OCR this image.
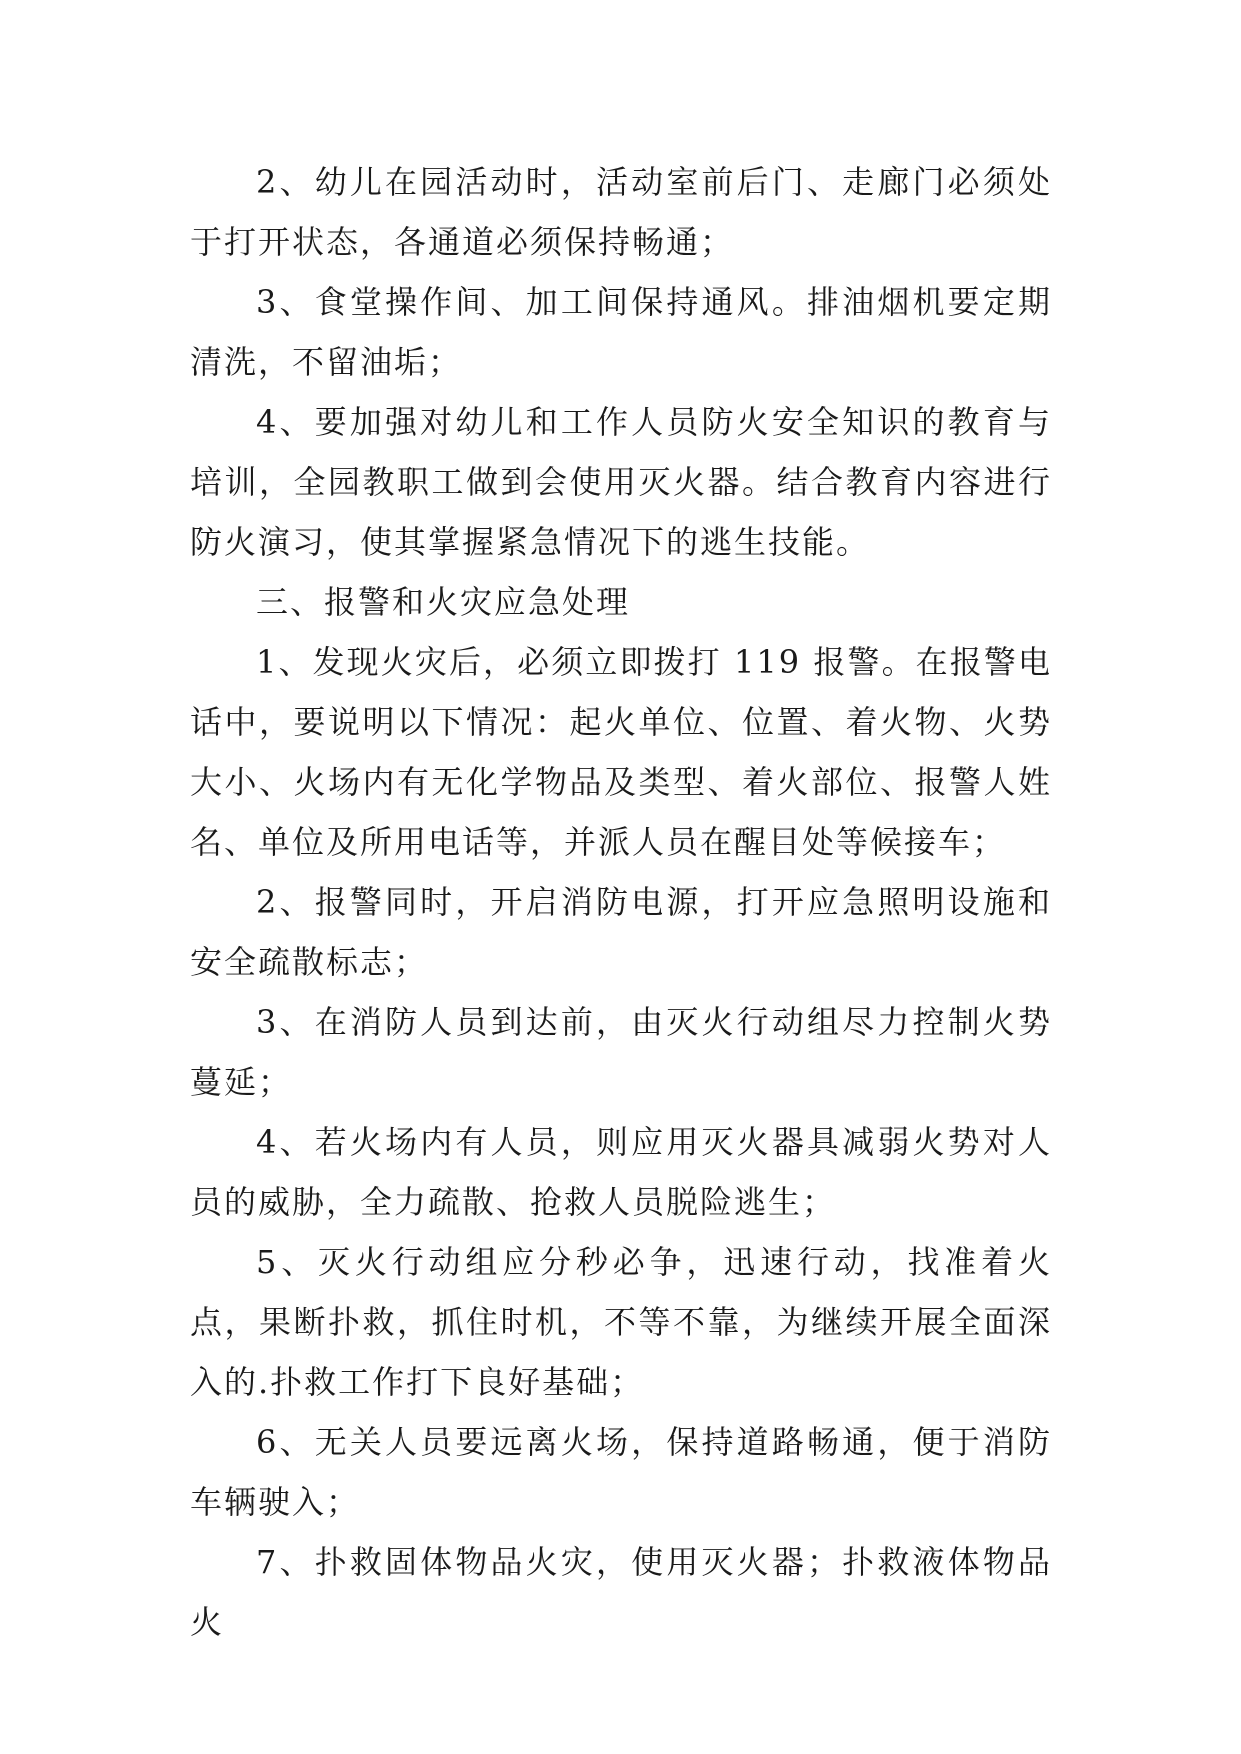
2、幼儿在园活动时，活动室前后门、走廊门必须处于打开状态，各通道必须保持畅通；

3、食堂操作间、加工间保持通风。排油烟机要定期清洗，不留油垢；

4、要加强对幼儿和工作人员防火安全知识的教育与培训，全园教职工做到会使用灭火器。结合教育内容进行防火演习，使其掌握紧急情况下的逃生技能。

三、报警和火灾应急处理

1、发现火灾后，必须立即拨打 119 报警。在报警电话中，要说明以下情况：起火单位、位置、着火物、火势大小、火场内有无化学物品及类型、着火部位、报警人姓名、单位及所用电话等，并派人员在醒目处等候接车；

2、报警同时，开启消防电源，打开应急照明设施和安全疏散标志；

3、在消防人员到达前，由灭火行动组尽力控制火势蔓延；

4、若火场内有人员，则应用灭火器具减弱火势对人员的威胁，全力疏散、抢救人员脱险逃生；

5、灭火行动组应分秒必争，迅速行动，找准着火点，果断扑救，抓住时机，不等不靠，为继续开展全面深入的.扑救工作打下良好基础；

6、无关人员要远离火场，保持道路畅通，便于消防车辆驶入；

7、扑救固体物品火灾，使用灭火器；扑救液体物品火
